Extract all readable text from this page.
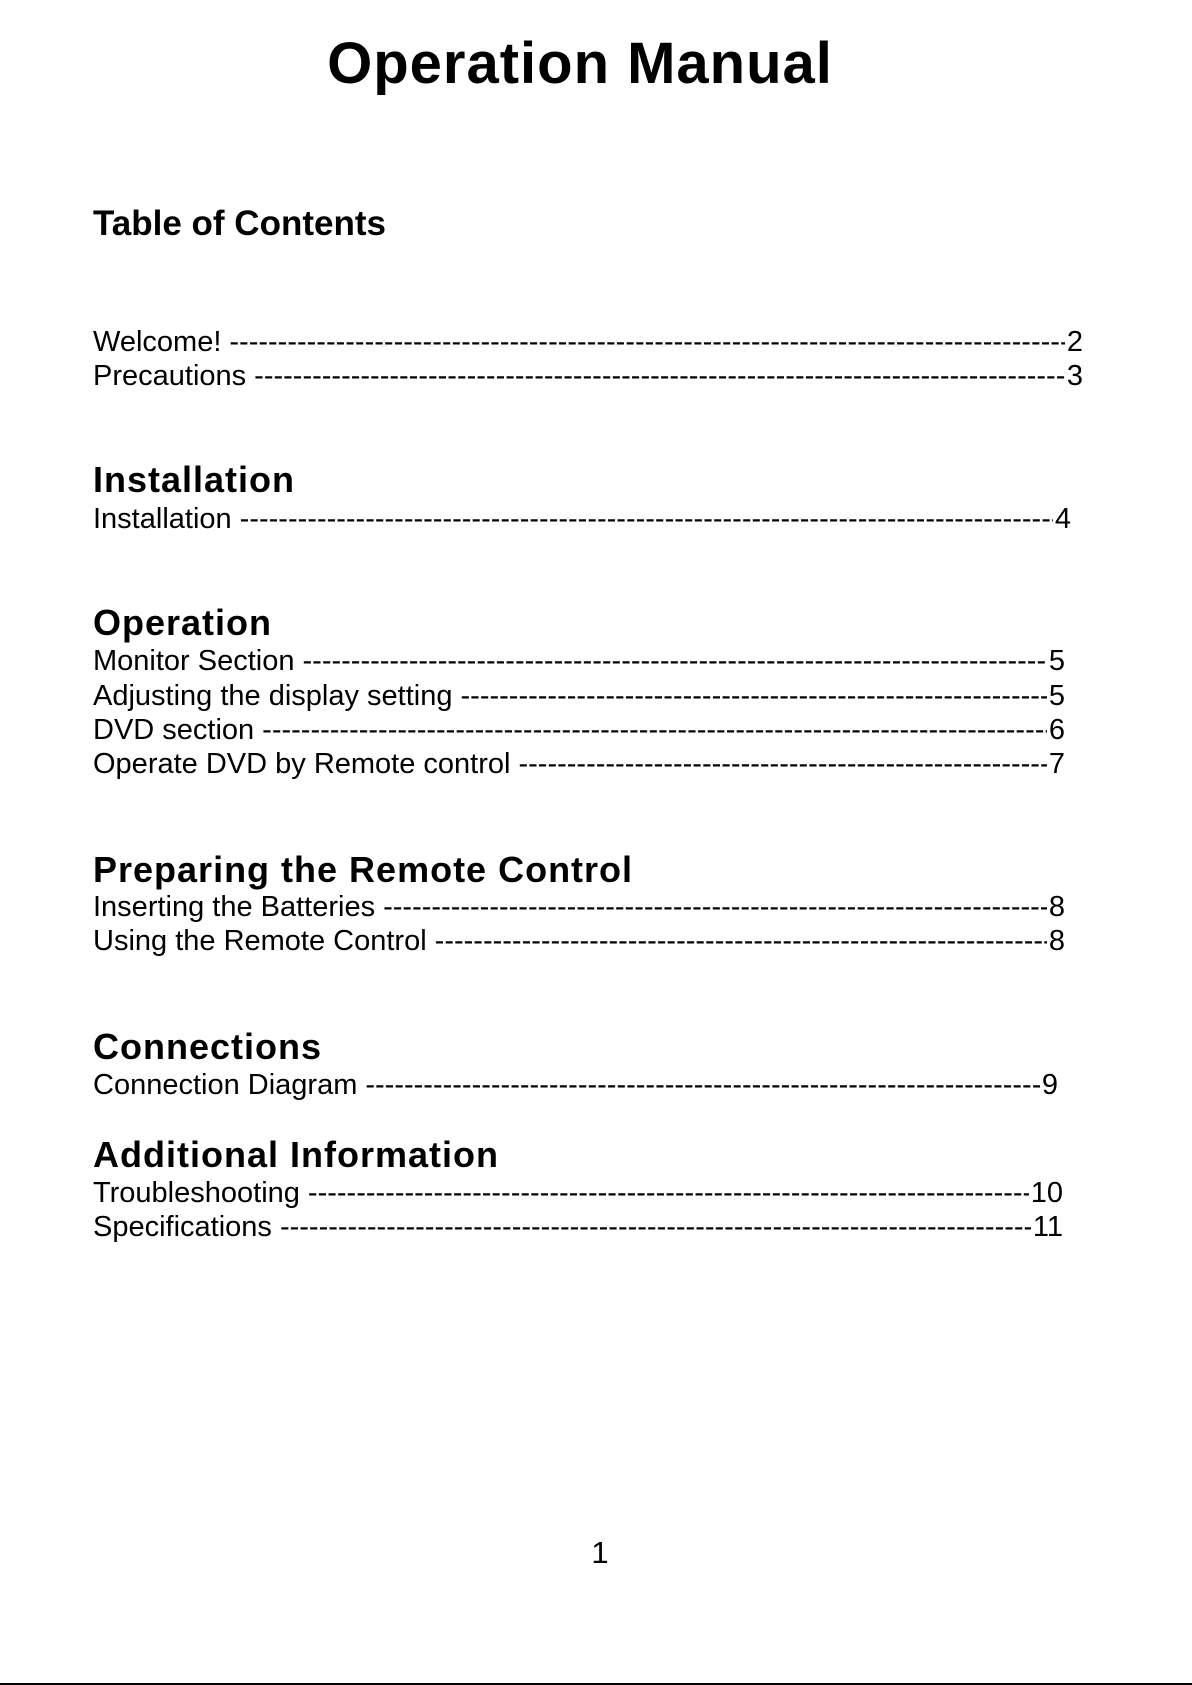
Operation Manual
Table of Contents
Welcome! -----	2
Precautions -----	3
Installation
Installation -----	4
Operation
Monitor Section -----	5
Adjusting the display setting -----	5
DVD section -----	6
Operate DVD by Remote control -----	7
Preparing the Remote Control
Inserting the Batteries -----	8
Using the Remote Control -----	8
Connections
Connection Diagram -----	9
Additional Information
Troubleshooting -----	10
Specifications -----	11
1
